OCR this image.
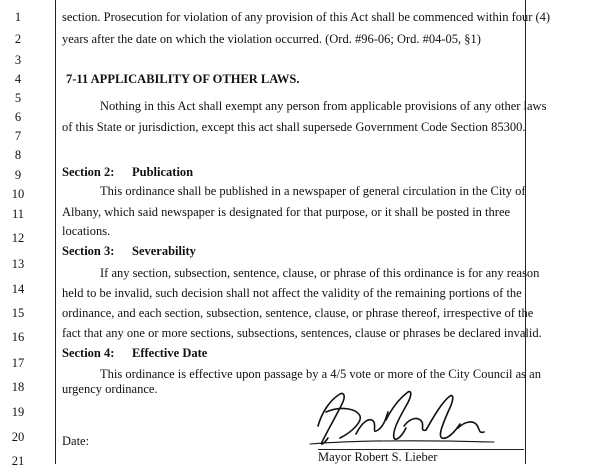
1
2
3
4
5
6
7
8
9
10
11
12
13
14
15
16
17
18
19
20
21
section. Prosecution for violation of any provision of this Act shall be commenced within four (4)
years after the date on which the violation occurred. (Ord. #96-06; Ord. #04-05, §1)
7-11 APPLICABILITY OF OTHER LAWS.
Nothing in this Act shall exempt any person from applicable provisions of any other laws
of this State or jurisdiction, except this act shall supersede Government Code Section 85300.
Section 2: Publication
This ordinance shall be published in a newspaper of general circulation in the City of
Albany, which said newspaper is designated for that purpose, or it shall be posted in three
locations.
Section 3: Severability
If any section, subsection, sentence, clause, or phrase of this ordinance is for any reason
held to be invalid, such decision shall not affect the validity of the remaining portions of the
ordinance, and each section, subsection, sentence, clause, or phrase thereof, irrespective of the
fact that any one or more sections, subsections, sentences, clause or phrases be declared invalid.
Section 4: Effective Date
This ordinance is effective upon passage by a 4/5 vote or more of the City Council as an
urgency ordinance.
Date:
Mayor Robert S. Lieber
